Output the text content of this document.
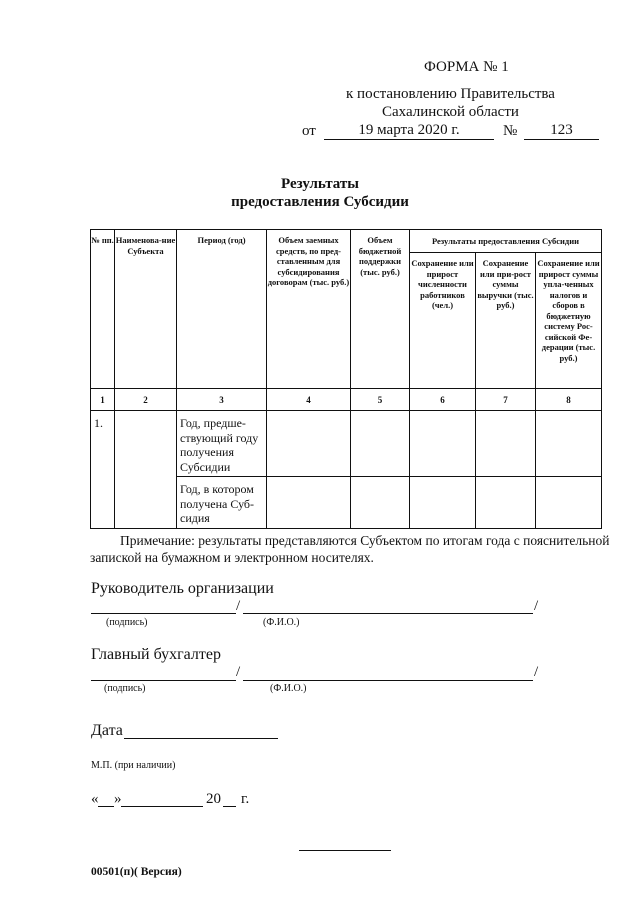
ФОРМА № 1
к постановлению Правительства
Сахалинской области
от	19 марта 2020 г.	№	123
Результаты
предоставления Субсидии
№ пп.	Наименова-ние Субъекта	Период (год)	Объем заемных средств, по пред-ставленным для субсидирования договорам (тыс. руб.)	Объем бюджетной поддержки (тыс. руб.)	Результаты предоставления Субсидии		
					Сохранение или прирост численности работников (чел.)	Сохранение или при-рост суммы выручки (тыс. руб.)	Сохранение или прирост суммы упла-ченных налогов и сборов в бюджетную систему Рос-сийской Фе-дерации (тыс. руб.)
1	2	3	4	5	6	7	8
1.		Год, предше-ствующий году получения Субсидии					
		Год, в котором получена Суб-сидия					
Примечание: результаты представляются Субъектом по итогам года с пояснительной запиской на бумажном и электронном носителях.
Руководитель организации
/	/
(подпись)	(Ф.И.О.)
Главный бухгалтер
/	/
(подпись)	(Ф.И.О.)
Дата
М.П. (при наличии)
« »	20 г.
00501(п)( Версия)
